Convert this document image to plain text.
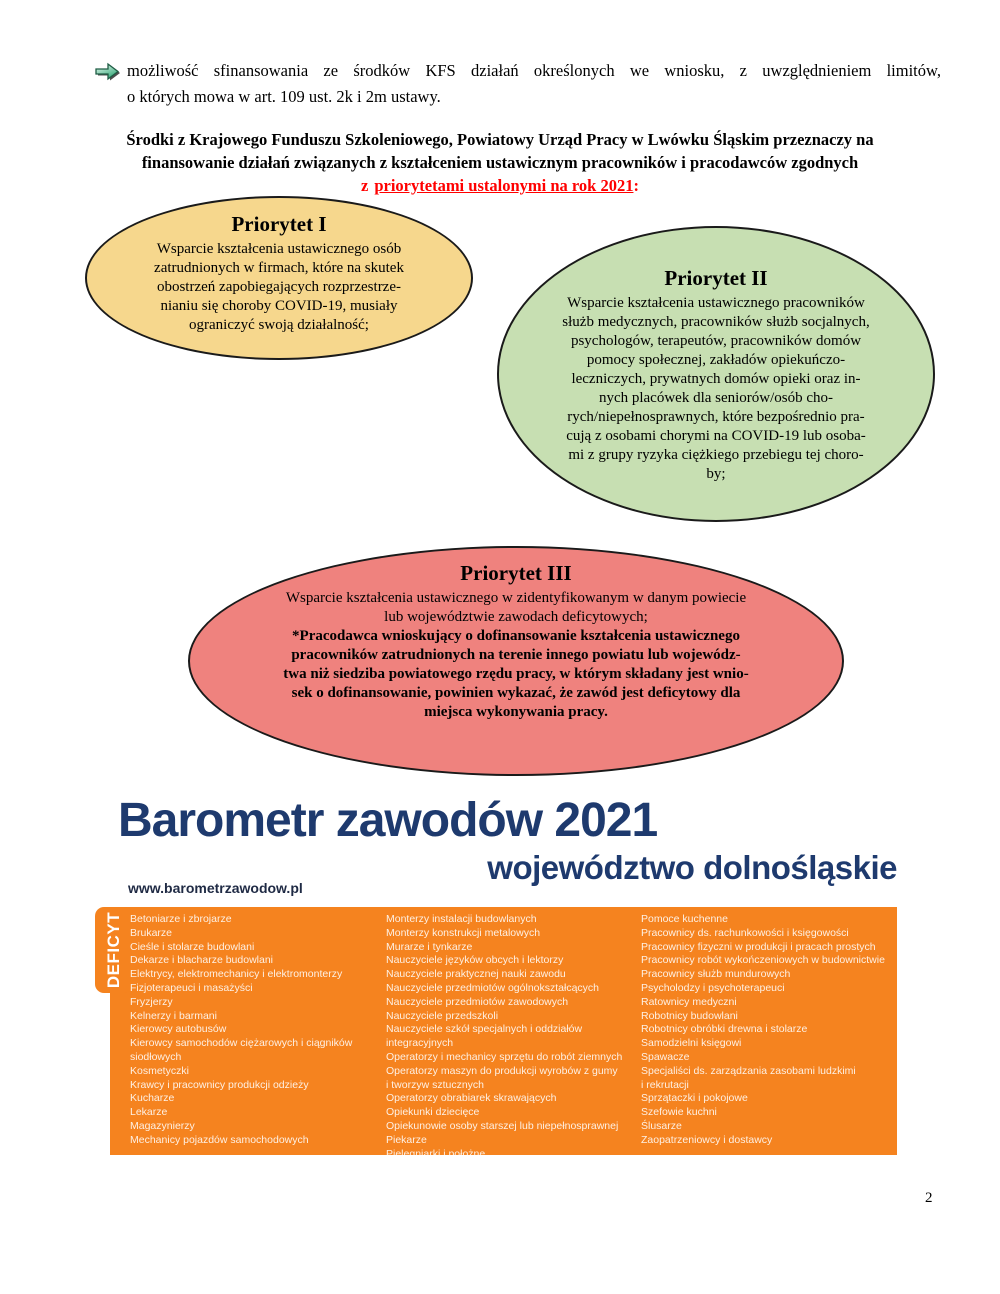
możliwość sfinansowania ze środków KFS działań określonych we wniosku, z uwzględnieniem limitów,
o których mowa w art. 109 ust. 2k i 2m ustawy.
Środki z Krajowego Funduszu Szkoleniowego, Powiatowy Urząd Pracy w Lwówku Śląskim przeznaczy na
finansowanie działań związanych z kształceniem ustawicznym pracowników i pracodawców zgodnych
z priorytetami ustalonymi na rok 2021:
Priorytet I
Wsparcie kształcenia ustawicznego osób
zatrudnionych w firmach, które na skutek
obostrzeń zapobiegających rozprzestrze-
nianiu się choroby COVID-19, musiały
ograniczyć swoją działalność;
Priorytet II
Wsparcie kształcenia ustawicznego pracowników
służb medycznych, pracowników służb socjalnych,
psychologów, terapeutów, pracowników domów
pomocy społecznej, zakładów opiekuńczo-
leczniczych, prywatnych domów opieki oraz in-
nych placówek dla seniorów/osób cho-
rych/niepełnosprawnych, które bezpośrednio pra-
cują z osobami chorymi na COVID-19 lub osoba-
mi z grupy ryzyka ciężkiego przebiegu tej choro-
by;
Priorytet III
Wsparcie kształcenia ustawicznego w zidentyfikowanym w danym powiecie
lub województwie zawodach deficytowych;
*Pracodawca wnioskujący o dofinansowanie kształcenia ustawicznego
pracowników zatrudnionych na terenie innego powiatu lub wojewódz-
twa niż siedziba powiatowego rzędu pracy, w którym składany jest wnio-
sek o dofinansowanie, powinien wykazać, że zawód jest deficytowy dla
miejsca wykonywania pracy.
Barometr zawodów 2021
województwo dolnośląskie
www.barometrzawodow.pl
DEFICYT Betoniarze i zbrojarze
Brukarze
Cieśle i stolarze budowlani
Dekarze i blacharze budowlani
Elektrycy, elektromechanicy i elektromonterzy
Fizjoterapeuci i masażyści
Fryzjerzy
Kelnerzy i barmani
Kierowcy autobusów
Kierowcy samochodów ciężarowych i ciągników
siodłowych
Kosmetyczki
Krawcy i pracownicy produkcji odzieży
Kucharze
Lekarze
Magazynierzy
Mechanicy pojazdów samochodowych
Monterzy instalacji budowlanych
Monterzy konstrukcji metalowych
Murarze i tynkarze
Nauczyciele języków obcych i lektorzy
Nauczyciele praktycznej nauki zawodu
Nauczyciele przedmiotów ogólnokształcących
Nauczyciele przedmiotów zawodowych
Nauczyciele przedszkoli
Nauczyciele szkół specjalnych i oddziałów integracyjnych
Operatorzy i mechanicy sprzętu do robót ziemnych
Operatorzy maszyn do produkcji wyrobów z gumy
i tworzyw sztucznych
Operatorzy obrabiarek skrawających
Opiekunki dziecięce
Opiekunowie osoby starszej lub niepełnosprawnej
Piekarze
Pielęgniarki i położne
Pomoce kuchenne
Pracownicy ds. rachunkowości i księgowości
Pracownicy fizyczni w produkcji i pracach prostych
Pracownicy robót wykończeniowych w budownictwie
Pracownicy służb mundurowych
Psycholodzy i psychoterapeuci
Ratownicy medyczni
Robotnicy budowlani
Robotnicy obróbki drewna i stolarze
Samodzielni księgowi
Spawacze
Specjaliści ds. zarządzania zasobami ludzkimi
i rekrutacji
Sprzątaczki i pokojowe
Szefowie kuchni
Ślusarze
Zaopatrzeniowcy i dostawcy
2
